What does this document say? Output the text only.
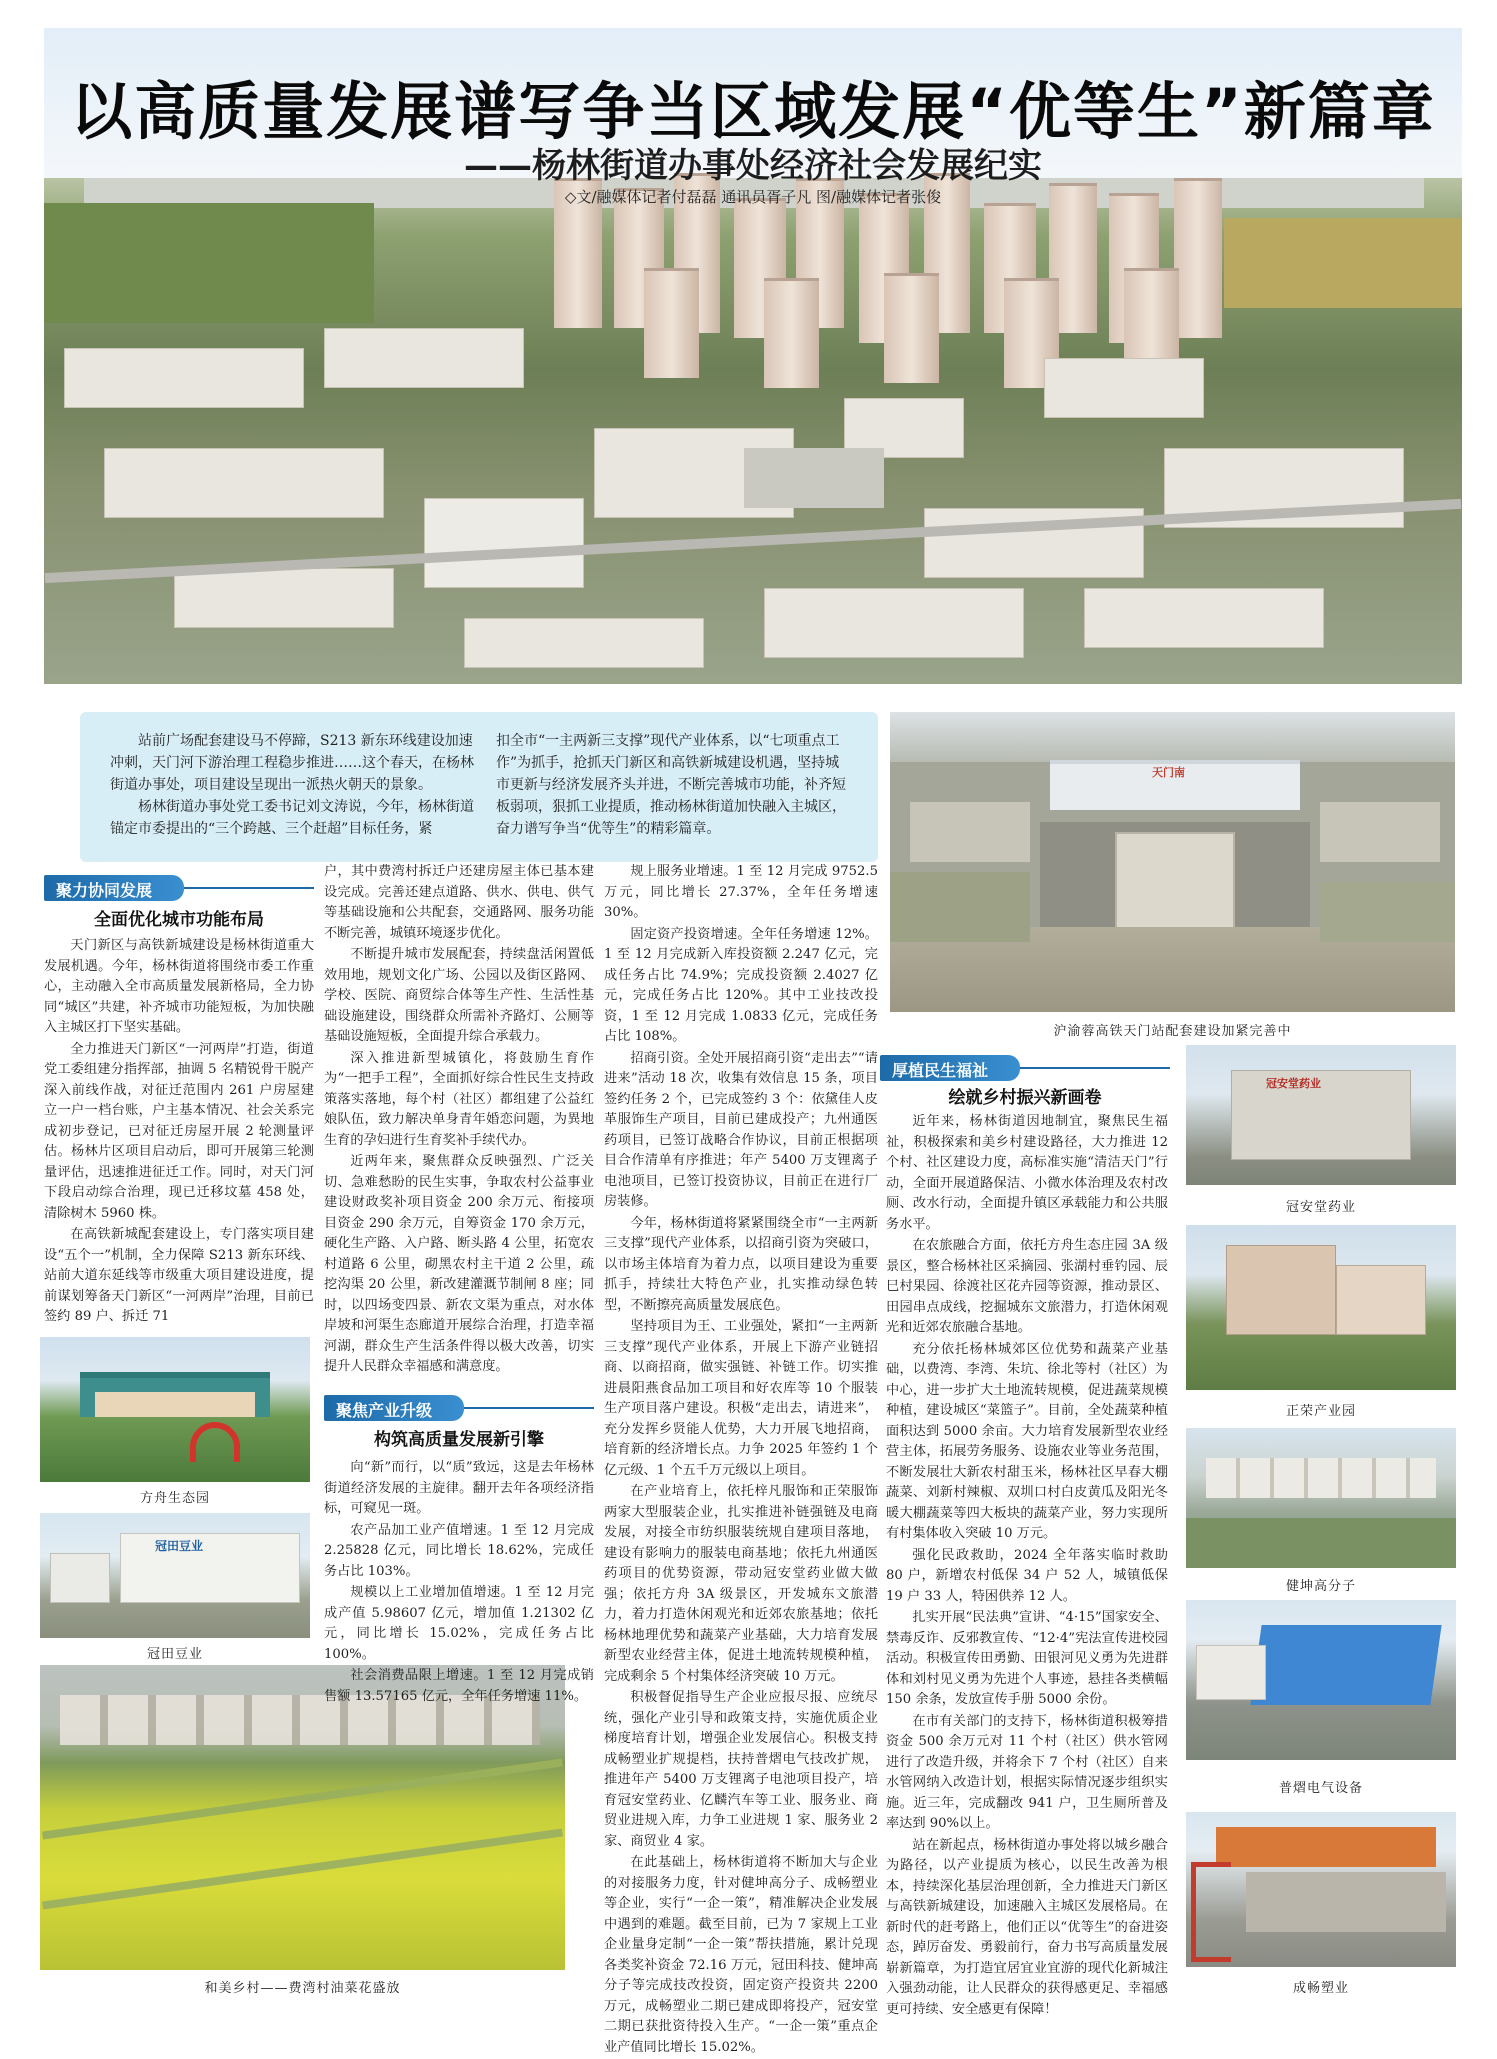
以高质量发展谱写争当区域发展“优等生”新篇章
——杨林街道办事处经济社会发展纪实
◇文/融媒体记者付磊磊 通讯员胥子凡 图/融媒体记者张俊

站前广场配套建设马不停蹄，S213 新东环线建设加速冲刺，天门河下游治理工程稳步推进……这个春天，在杨林街道办事处，项目建设呈现出一派热火朝天的景象。

杨林街道办事处党工委书记刘文涛说，今年，杨林街道锚定市委提出的“三个跨越、三个赶超”目标任务，紧

扣全市“一主两新三支撑”现代产业体系，以“七项重点工作”为抓手，抢抓天门新区和高铁新城建设机遇，坚持城市更新与经济发展齐头并进，不断完善城市功能，补齐短板弱项，狠抓工业提质，推动杨林街道加快融入主城区，奋力谱写争当“优等生”的精彩篇章。

天门南
沪渝蓉高铁天门站配套建设加紧完善中
聚力协同发展
全面优化城市功能布局

天门新区与高铁新城建设是杨林街道重大发展机遇。今年，杨林街道将围绕市委工作重心，主动融入全市高质量发展新格局，全力协同“城区”共建，补齐城市功能短板，为加快融入主城区打下坚实基础。

全力推进天门新区“一河两岸”打造，街道党工委组建分指挥部，抽调 5 名精锐骨干脱产深入前线作战，对征迁范围内 261 户房屋建立一户一档台账，户主基本情况、社会关系完成初步登记，已对征迁房屋开展 2 轮测量评估。杨林片区项目启动后，即可开展第三轮测量评估，迅速推进征迁工作。同时，对天门河下段启动综合治理，现已迁移坟墓 458 处，清除树木 5960 株。

在高铁新城配套建设上，专门落实项目建设“五个一”机制，全力保障 S213 新东环线、站前大道东延线等市级重大项目建设进度，提前谋划筹备天门新区“一河两岸”治理，目前已签约 89 户、拆迁 71

户，其中费湾村拆迁户还建房屋主体已基本建设完成。完善还建点道路、供水、供电、供气等基础设施和公共配套，交通路网、服务功能不断完善，城镇环境逐步优化。

不断提升城市发展配套，持续盘活闲置低效用地，规划文化广场、公园以及街区路网、学校、医院、商贸综合体等生产性、生活性基础设施建设，围绕群众所需补齐路灯、公厕等基础设施短板，全面提升综合承载力。

深入推进新型城镇化，将鼓励生育作为“一把手工程”，全面抓好综合性民生支持政策落实落地，每个村（社区）都组建了公益红娘队伍，致力解决单身青年婚恋问题，为異地生育的孕妇进行生育奖补手续代办。

近两年来，聚焦群众反映强烈、广泛关切、急难愁盼的民生实事，争取农村公益事业建设财政奖补项目资金 200 余万元、衔接项目资金 290 余万元，自筹资金 170 余万元，硬化生产路、入户路、断头路 4 公里，拓宽农村道路 6 公里，砌黑农村主干道 2 公里，疏挖沟渠 20 公里，新改建灌溉节制闸 8 座；同时，以四场变四景、新农文渠为重点，对水体岸坡和河渠生态廊道开展综合治理，打造幸福河湖，群众生产生活条件得以极大改善，切实提升人民群众幸福感和满意度。

方舟生态园
冠田豆业
冠田豆业
和美乡村——费湾村油菜花盛放
聚焦产业升级
构筑高质量发展新引擎

向“新”而行，以“质”致远，这是去年杨林街道经济发展的主旋律。翻开去年各项经济指标，可窥见一斑。

农产品加工业产值增速。1 至 12 月完成 2.25828 亿元，同比增长 18.62%，完成任务占比 103%。

规模以上工业增加值增速。1 至 12 月完成产值 5.98607 亿元，增加值 1.21302 亿元，同比增长 15.02%，完成任务占比 100%。

社会消费品限上增速。1 至 12 月完成销售额 13.57165 亿元，全年任务增速 11%。

规上服务业增速。1 至 12 月完成 9752.5 万元，同比增长 27.37%，全年任务增速 30%。

固定资产投资增速。全年任务增速 12%。1 至 12 月完成新入库投资额 2.247 亿元，完成任务占比 74.9%；完成投资额 2.4027 亿元，完成任务占比 120%。其中工业技改投资，1 至 12 月完成 1.0833 亿元，完成任务占比 108%。

招商引资。全处开展招商引资“走出去”“请进来”活动 18 次，收集有效信息 15 条，项目签约任务 2 个，已完成签约 3 个：依黛佳人皮革服饰生产项目，目前已建成投产；九州通医药项目，已签订战略合作协议，目前正根据项目合作清单有序推进；年产 5400 万支锂离子电池项目，已签订投资协议，目前正在进行厂房装修。

今年，杨林街道将紧紧围绕全市“一主两新三支撑”现代产业体系，以招商引资为突破口，以市场主体培育为着力点，以项目建设为重要抓手，持续壮大特色产业，扎实推动绿色转型，不断擦亮高质量发展底色。

坚持项目为王、工业强处，紧扣“一主两新三支撑”现代产业体系，开展上下游产业链招商、以商招商，做实强链、补链工作。切实推进晨阳燕食品加工项目和好农库等 10 个服装生产项目落户建设。积极“走出去，请进来”，充分发挥乡贤能人优势，大力开展飞地招商，培育新的经济增长点。力争 2025 年签约 1 个亿元级、1 个五千万元级以上项目。

在产业培育上，依托梓凡服饰和正荣服饰两家大型服装企业，扎实推进补链强链及电商发展，对接全市纺织服装统规自建项目落地，建设有影响力的服装电商基地；依托九州通医药项目的优势资源，带动冠安堂药业做大做强；依托方舟 3A 级景区，开发城东文旅潜力，着力打造休闲观光和近郊农旅基地；依托杨林地理优势和蔬菜产业基础，大力培育发展新型农业经营主体，促进土地流转规模种植，完成剩余 5 个村集体经济突破 10 万元。

积极督促指导生产企业应报尽报、应统尽统，强化产业引导和政策支持，实施优质企业梯度培育计划，增强企业发展信心。积极支持成畅塑业扩规提档，扶持普熠电气技改扩规，推进年产 5400 万支锂离子电池项目投产，培育冠安堂药业、亿麟汽车等工业、服务业、商贸业进规入库，力争工业进规 1 家、服务业 2 家、商贸业 4 家。

在此基础上，杨林街道将不断加大与企业的对接服务力度，针对健坤高分子、成畅塑业等企业，实行“一企一策”，精准解决企业发展中遇到的难题。截至目前，已为 7 家规上工业企业量身定制“一企一策”帮扶措施，累计兑现各类奖补资金 72.16 万元，冠田科技、健坤高分子等完成技改投资，固定资产投资共 2200 万元，成畅塑业二期已建成即将投产，冠安堂二期已获批资待投入生产。“一企一策”重点企业产值同比增长 15.02%。

厚植民生福祉
绘就乡村振兴新画卷

近年来，杨林街道因地制宜，聚焦民生福祉，积极探索和美乡村建设路径，大力推进 12 个村、社区建设力度，高标准实施“清洁天门”行动，全面开展道路保洁、小微水体治理及农村改厕、改水行动，全面提升镇区承载能力和公共服务水平。

在农旅融合方面，依托方舟生态庄园 3A 级景区，整合杨林社区采摘园、张湖村垂钓园、辰巳村果园、徐渡社区花卉园等资源，推动景区、田园串点成线，挖掘城东文旅潜力，打造休闲观光和近郊农旅融合基地。

充分依托杨林城郊区位优势和蔬菜产业基础，以费湾、李湾、朱坑、徐北等村（社区）为中心，进一步扩大土地流转规模，促进蔬菜规模种植，建设城区“菜篮子”。目前，全处蔬菜种植面积达到 5000 余亩。大力培育发展新型农业经营主体，拓展劳务服务、设施农业等业务范围，不断发展壮大新农村甜玉米，杨林社区早春大棚蔬菜、刘新村辣椒、双圳口村白皮黄瓜及阳光冬暖大棚蔬菜等四大板块的蔬菜产业，努力实现所有村集体收入突破 10 万元。

强化民政救助，2024 全年落实临时救助 80 户，新增农村低保 34 户 52 人，城镇低保 19 户 33 人，特困供养 12 人。

扎实开展“民法典”宣讲、“4·15”国家安全、禁毒反诈、反邪教宣传、“12·4”宪法宣传进校园活动。积极宣传田勇勤、田银河见义勇为先进群体和刘村见义勇为先进个人事迹，悬挂各类横幅 150 余条，发放宣传手册 5000 余份。

在市有关部门的支持下，杨林街道积极筹措资金 500 余万元对 11 个村（社区）供水管网进行了改造升级，并将余下 7 个村（社区）自来水管网纳入改造计划，根据实际情况逐步组织实施。近三年，完成翻改 941 户，卫生厕所普及率达到 90%以上。

站在新起点，杨林街道办事处将以城乡融合为路径，以产业提质为核心，以民生改善为根本，持续深化基层治理创新，全力推进天门新区与高铁新城建设，加速融入主城区发展格局。在新时代的赶考路上，他们正以“优等生”的奋进姿态，踔厉奋发、勇毅前行，奋力书写高质量发展崭新篇章，为打造宜居宜业宜游的现代化新城注入强劲动能，让人民群众的获得感更足、幸福感更可持续、安全感更有保障！

冠安堂药业
冠安堂药业
正荣产业园
健坤高分子
普熠电气设备
成畅塑业
